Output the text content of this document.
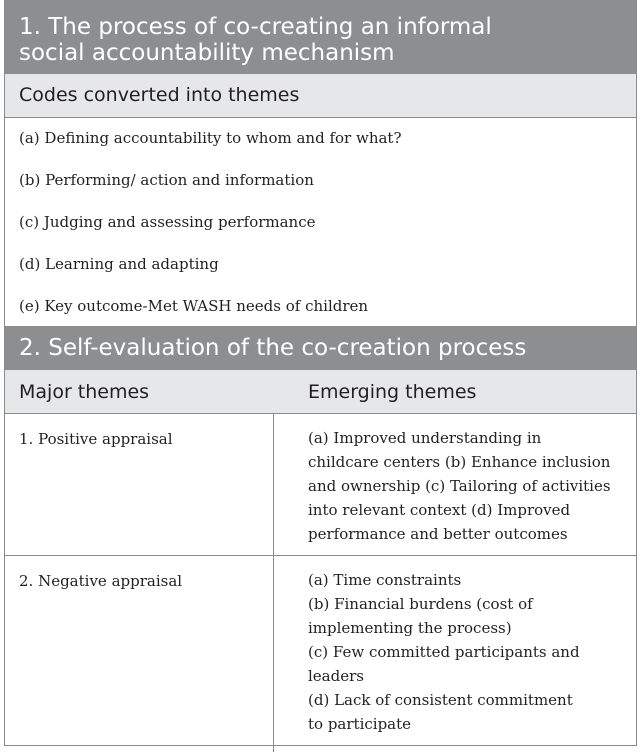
1. The process of co-creating an informal
social accountability mechanism
Codes converted into themes
(a) Defining accountability to whom and for what?
(b) Performing/ action and information
(c) Judging and assessing performance
(d) Learning and adapting
(e) Key outcome-Met WASH needs of children
2. Self-evaluation of the co-creation process
Major themes	Emerging themes
1. Positive appraisal	(a) Improved understanding in
childcare centers (b) Enhance inclusion
and ownership (c) Tailoring of activities
into relevant context (d) Improved
performance and better outcomes
2. Negative appraisal	(a) Time constraints
(b) Financial burdens (cost of
implementing the process)
(c) Few committed participants and
leaders
(d) Lack of consistent commitment
to participate
